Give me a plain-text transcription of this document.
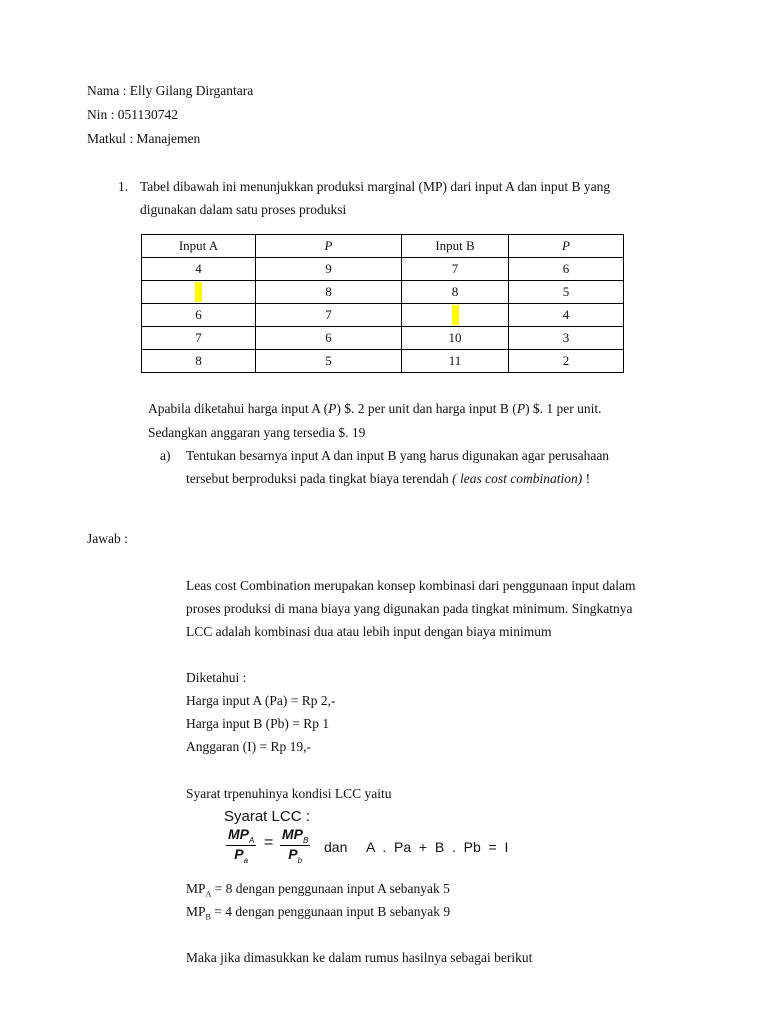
Nama : Elly Gilang Dirgantara
Nin : 051130742
Matkul : Manajemen
1. Tabel dibawah ini menunjukkan produksi marginal (MP) dari input A dan input B yang
digunakan dalam satu proses produksi
Input A	P	Input B	P
4	9	7	6
	8	8	5
6	7		4
7	6	10	3
8	5	11	2
Apabila diketahui harga input A (P) $. 2 per unit dan harga input B (P) $. 1 per unit.
Sedangkan anggaran yang tersedia $. 19
a) Tentukan besarnya input A dan input B yang harus digunakan agar perusahaan
tersebut berproduksi pada tingkat biaya terendah ( leas cost combination) !
Jawab :
Leas cost Combination merupakan konsep kombinasi dari penggunaan input dalam
proses produksi di mana biaya yang digunakan pada tingkat minimum. Singkatnya
LCC adalah kombinasi dua atau lebih input dengan biaya minimum
Diketahui :
Harga input A (Pa) = Rp 2,-
Harga input B (Pb) = Rp 1
Anggaran (I) = Rp 19,-
Syarat trpenuhinya kondisi LCC yaitu
Syarat LCC :
$MP_A$
$P_a$
= $MP_B$
$P_b$
dan A  .  Pa  +  B  .  Pb  =  I
$MP_A = 8$ dengan penggunaan input A sebanyak 5
$MP_B = 4$ dengan penggunaan input B sebanyak 9
Maka jika dimasukkan ke dalam rumus hasilnya sebagai berikut
